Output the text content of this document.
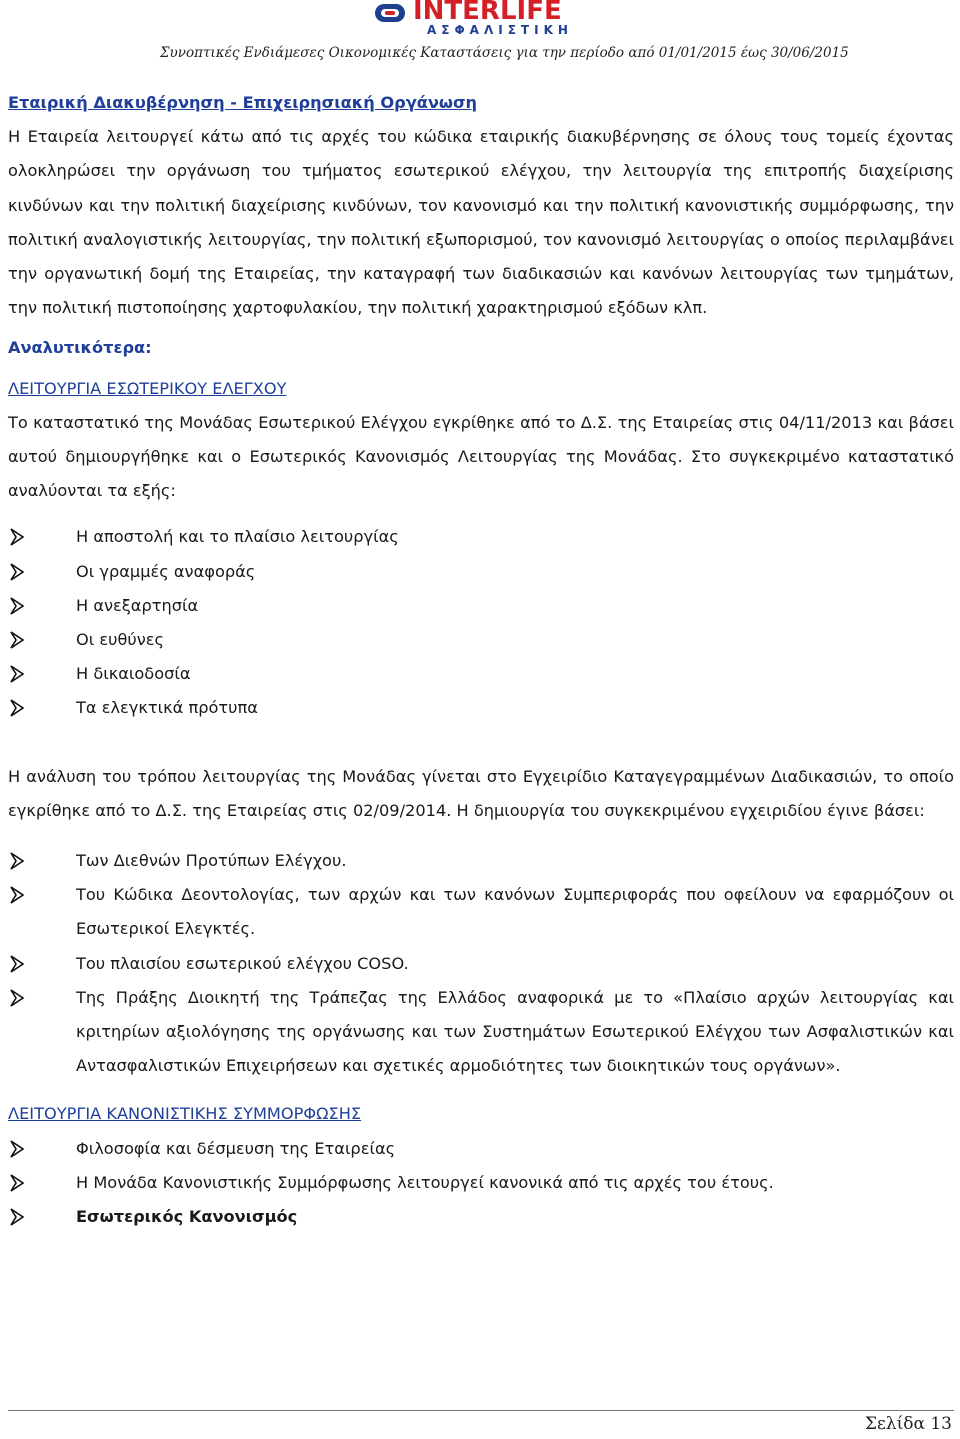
INTERLIFE
ΑΣΦΑΛΙΣΤΙΚΗ
Συνοπτικές Ενδιάμεσες Οικονομικές Καταστάσεις για την περίοδο από 01/01/2015 έως 30/06/2015
Εταιρική Διακυβέρνηση - Επιχειρησιακή Οργάνωση

Η Εταιρεία λειτουργεί κάτω από τις αρχές του κώδικα εταιρικής διακυβέρνησης σε όλους τους τομείς έχοντας ολοκληρώσει την οργάνωση του τμήματος εσωτερικού ελέγχου, την λειτουργία της επιτροπής διαχείρισης κινδύνων και την πολιτική διαχείρισης κινδύνων, τον κανονισμό και την πολιτική κανονιστικής συμμόρφωσης, την πολιτική αναλογιστικής λειτουργίας, την πολιτική εξωπορισμού, τον κανονισμό λειτουργίας ο οποίος περιλαμβάνει την οργανωτική δομή της Εταιρείας, την καταγραφή των διαδικασιών και κανόνων λειτουργίας των τμημάτων, την πολιτική πιστοποίησης χαρτοφυλακίου, την πολιτική χαρακτηρισμού εξόδων κλπ.

Αναλυτικότερα:
ΛΕΙΤΟΥΡΓΙΑ ΕΣΩΤΕΡΙΚΟΥ ΕΛΕΓΧΟΥ

Το καταστατικό της Μονάδας Εσωτερικού Ελέγχου εγκρίθηκε από το Δ.Σ. της Εταιρείας στις 04/11/2013 και βάσει αυτού δημιουργήθηκε και ο Εσωτερικός Κανονισμός Λειτουργίας της Μονάδας. Στο συγκεκριμένο καταστατικό αναλύονται τα εξής:

Η αποστολή και το πλαίσιο λειτουργίας
Οι γραμμές αναφοράς
Η ανεξαρτησία
Οι ευθύνες
Η δικαιοδοσία
Τα ελεγκτικά πρότυπα

Η ανάλυση του τρόπου λειτουργίας της Μονάδας γίνεται στο Εγχειρίδιο Καταγεγραμμένων Διαδικασιών, το οποίο εγκρίθηκε από το Δ.Σ. της Εταιρείας στις 02/09/2014. Η δημιουργία του συγκεκριμένου εγχειριδίου έγινε βάσει:

Των Διεθνών Προτύπων Ελέγχου.
Του Κώδικα Δεοντολογίας, των αρχών και των κανόνων Συμπεριφοράς που οφείλουν να εφαρμόζουν οι Εσωτερικοί Ελεγκτές.
Του πλαισίου εσωτερικού ελέγχου COSO.
Της Πράξης Διοικητή της Τράπεζας της Ελλάδος αναφορικά με το «Πλαίσιο αρχών λειτουργίας και κριτηρίων αξιολόγησης της οργάνωσης και των Συστημάτων Εσωτερικού Ελέγχου των Ασφαλιστικών και Αντασφαλιστικών Επιχειρήσεων και σχετικές αρμοδιότητες των διοικητικών τους οργάνων».
ΛΕΙΤΟΥΡΓΙΑ ΚΑΝΟΝΙΣΤΙΚΗΣ ΣΥΜΜΟΡΦΩΣΗΣ
Φιλοσοφία και δέσμευση της Εταιρείας
Η Μονάδα Κανονιστικής Συμμόρφωσης λειτουργεί κανονικά από τις αρχές του έτους.
Εσωτερικός Κανονισμός
Σελίδα 13
